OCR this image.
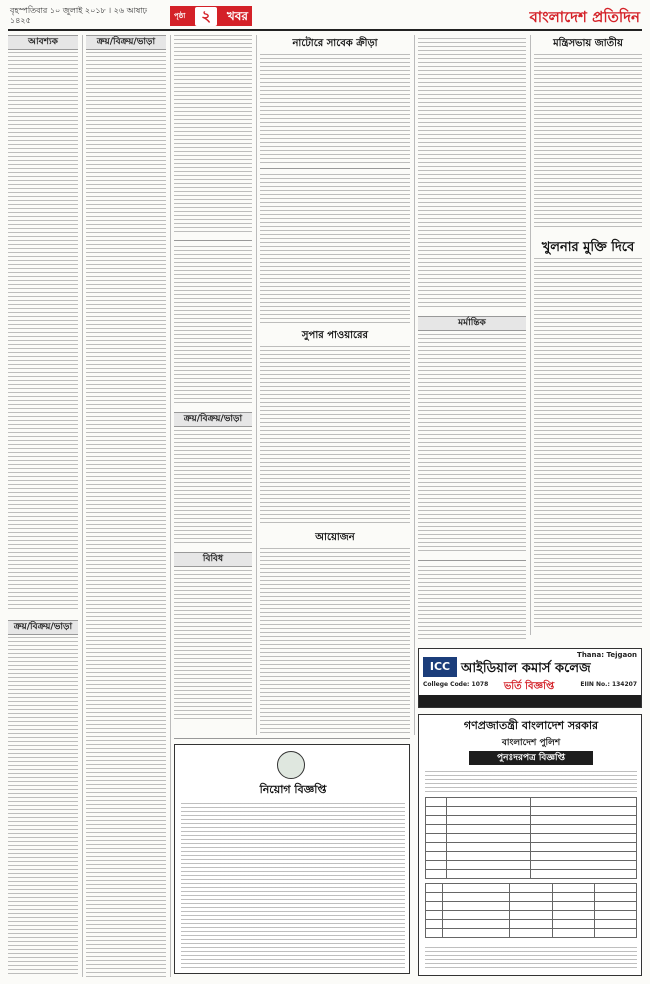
বৃহস্পতিবার ১০ জুলাই ২০১৮ । ২৬ আষাঢ় ১৪২৫	পৃষ্ঠা	২	খবর	বাংলাদেশ প্রতিদিন
আবশ্যক
ক্রয়/বিক্রয়/ভাড়া
ক্রয়/বিক্রয়/ভাড়া
ক্রয়/বিক্রয়/ভাড়া
বিবিধ
নাটোরে সাবেক ক্রীড়া
সুপার পাওয়ারের
আয়োজন
মর্মান্তিক
মন্ত্রিসভায় জাতীয়
খুলনার মুক্তি দিবে
Thana: Tejgaon
ICC আইডিয়াল কমার্স কলেজ
College Code: 1078	ভর্তি বিজ্ঞপ্তি	EIIN No.: 134207
নিয়োগ বিজ্ঞপ্তি
গণপ্রজাতন্ত্রী বাংলাদেশ সরকার
বাংলাদেশ পুলিশ
পুনঃদরপত্র বিজ্ঞপ্তি
